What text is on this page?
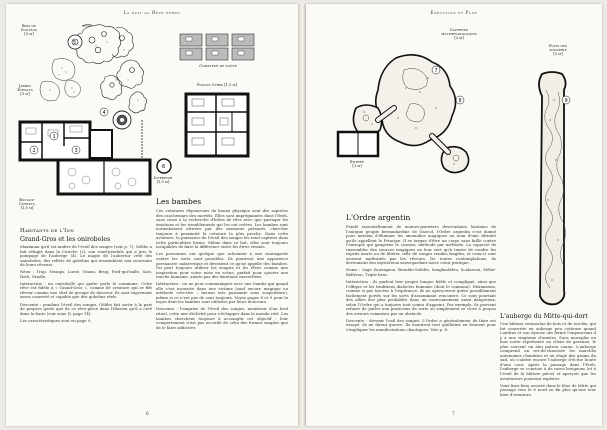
La nuit au Rêve perdu
5
2
1
3
4
Bois de
Couteau
[3 m]
Jardin
Ethalys
[3 m]
Bocaux-
Corvets
[1,5 m]
Compteur de voûte
Pignon Cyres [1,5 m]
6
Intérieur
[1,5 m]
Habitants de l'Inn
Grand-Gros et les oniroboles

Maximum qu'il est maître de l'éveil des songes (voir p. 7), Gélibo a fait réfugié dans la Cuirche (2), son rond-pendule qui a pris le pompage de l'auberge (4). Le magie de l'aubertur créé des oniroboles, des reflets de gobelins qui ressemblent aux souvenirs de leurs rêveurs.

Néon : Trap, Neaaps, Lurse, Grann, Brug, Pied-qui-bafle, Sais, Roth, Gradle.

Intéraction : un onirobolle qui quitte parle le commune. Cette rêve est fidèle à « Grand-Gros », comme ilé créature qui se fife rêveur comme une chef de groupe de douceur. Ils sont vagrement assez coneerté et capable que des gobelins réels.

Descente : pendant l'éveil des songes, Gélibo fait sortir à la part de propres gents que de ce rêve-pièce dans l'illusion qu'il a créé dans la fonte (voir zone D, page 14).

Les caractéristiques sont en page 9.

Les bambes

Ces créatures dépourvues de bonne physique sont des aspirées des cauchemars des mortels. Elles sont imprégnantes dans l'Ereh, sans cesse à la recherche d'hôtes de rêve avec que partager les émotions et les tremblements qui les ont créées. Les bambes sont normalement attirées par des moments présents, chercher toujours à proximité la créature la plus proche. Dans cette aventure, la puissance de l'éveil des songes les rend captives dans cette particulière forme. Même dans ce but, elles sont toujours incapables de faire la différence entre les êtres vivants.

Les personnes ont quelque que acheamte à une sauvagarde contre les sorts sont possibles. Ils pourront une apparence persuasive cadaverique et devraient ce qu'ne appelle des bambes. On peut toujours utiliser les soupirs et les rêves comme une inspiration pour votre mise en scène, parfait pour ajouter une touche humaine, anisés par des émotions exacerbées.

Intéraction : on ne peut communiquer avec une bambe qui quand elle s'est incarnée dans une victime (sauf encore magique ou méthode crée-tive – bienon très puissante sous suspendure), même si ce n'est pas de sont toujours. Voyez pages 8 et 9 pour la façon dont les bambes sont utilisées par leurs douceurs.

Descente : l'emprise de l'éveil des songes, maintenir d'un bref rituel, cette une déclivité pour s'échapper dans le monde réel. Les bambes cherchent toujours à accomplir cet objectif : leur comportement n'est pas accordé de celui des formes simples que de le faire addictive.

6
Exécution et Plan
Cavernes
malthenatoliques
[3 m]
Puits des
songerie
[3 m]
7
8
Entrée
[3 m]
9
L'Ordre argentin

Fondé essentiellement de moines-guerriers descendants lointains de l'antique peuple bermudardine de Gaecol, l'Ordre argentin s'est donné pour mission d'éliminer les anomalies magiques au nom d'une divinité qu'ils appellent le Principe. Il se targue d'être un corps sans faille contre l'entropie qui gangrène le cosmos, méthodé par méthode. La capacité de rassembler des sources magiques ne leur sert qu'à tenter de rendre les esprits morts ou de libérer celle de songes rendus fragiles, et ceux-ci sont souvent maltraités par les rêveurs. De toutes contemplations, ils deviennent des mystérieux sauvegardant notre cœur pratique.

Noms : Sage Sauvageon, Branlde-Solidte, Sanglantbleu, Scalasson, Mêlot-Belleron, Triple bras.

Intéraction : ils parlent leur propre langue fidèle et compliqué, ainsi que l'elfique et les traditions dialectes humains (dont le commun). Néanmoins, comme si pas tracées à l'espérance, ils ne aperçoivent guère possiblement facilement portés sur les sorts d'assommant rencontre. Ce sont pourtant des alliés des plus probables dans un environnement aussi dangereux, selon l'Ordre qui a toujours tout connu d'appoint. Par exemple, ils peuvent refuser de parler aux praticiens de sorts ou simplement se clore à propos des erreurs commises par un obstacle.

Descente : devenir l'oeil des songes. L'Ordre a généralement de faire est essayé, ils ne diront guerre. Ils montrent tout guillotiné en ferment pour s'impliquer les manifestations chaotiques. Voir p. 8.

L'auberge du Mitte-qui-dort

Une bâtisse vermoulue de bois et de torchis, qui fut convertie en auberge peu cotteuse quand Londras et son épouse ont fermé l'auparavant il y a une vingtaine d'années. Sous muraglas en bois notre représente au client de garenne, le plus souvent un ami patron connu. L'auberge comprend un rez-de-chaussée les marchés autonomes chambres et un étage des grains du sud, où s'abrite encore l'auberge d'écrue bonte d'une cour. Après la passage dans l'Ereh, l'auberge se courtoie à de rares bougeons (et à l'éveil de la bâtisse pièce) et aperçoit que les aventuriers pourront explorer.

Vous-lisez bien avoirée dans le blue de Mitte qui passage vers le 6 nord en fin plus qu'une tour bien d'aventure.

7
